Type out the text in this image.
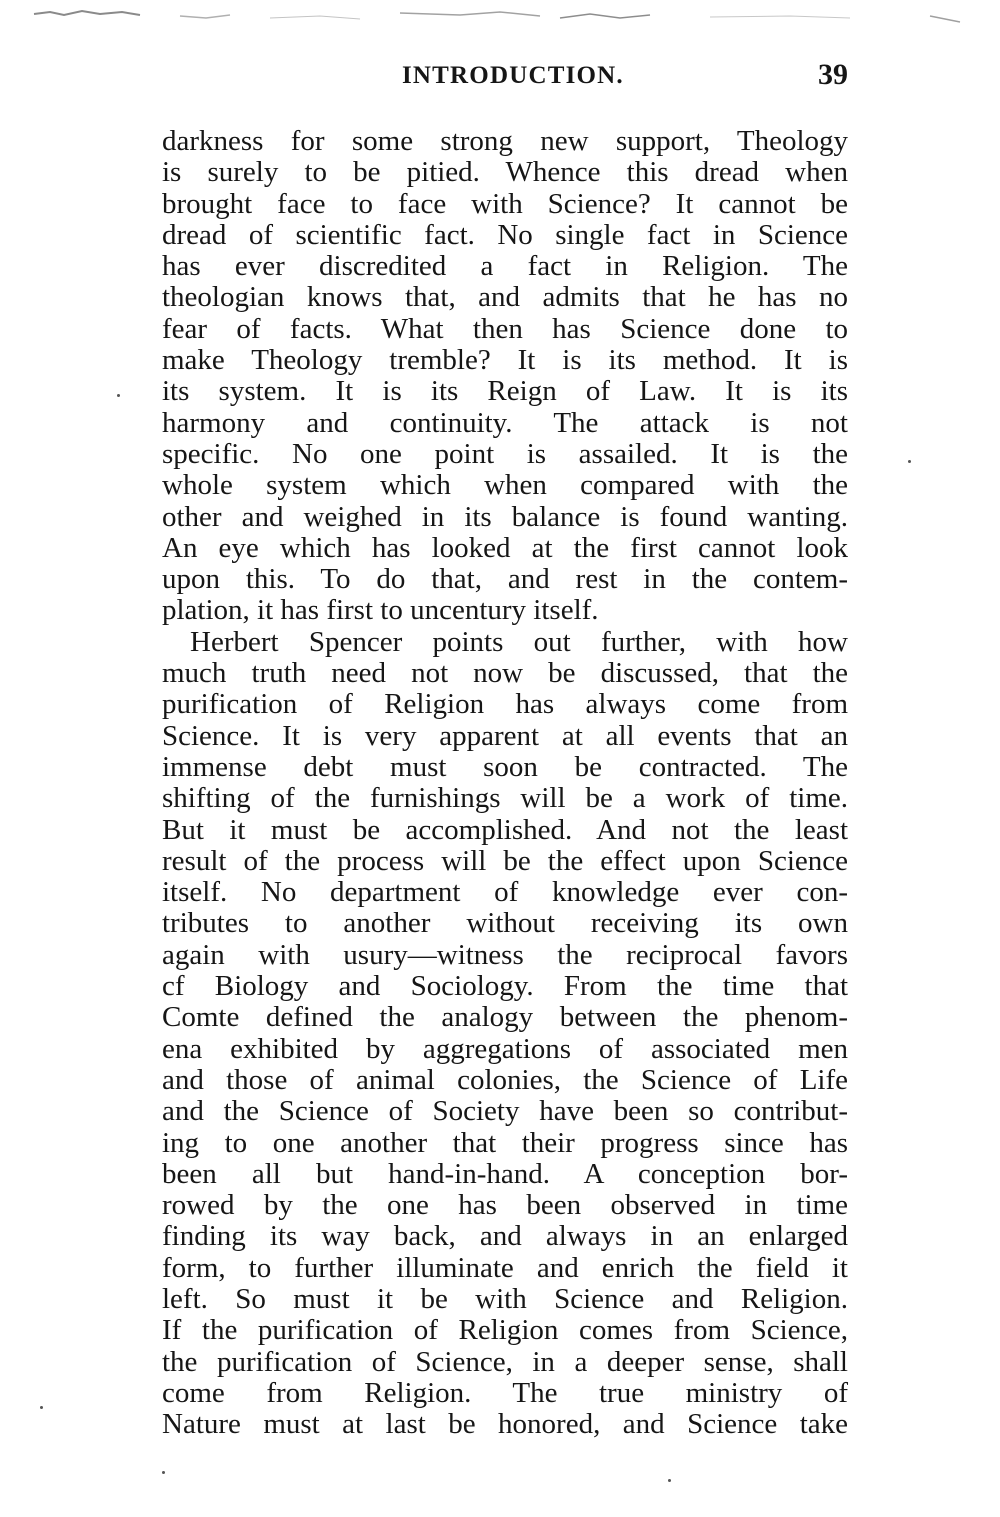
INTRODUCTION.	39
darkness for some strong new support, Theology
is surely to be pitied. Whence this dread when
brought face to face with Science? It cannot be
dread of scientific fact. No single fact in Science
has ever discredited a fact in Religion. The
theologian knows that, and admits that he has no
fear of facts. What then has Science done to
make Theology tremble? It is its method. It is
its system. It is its Reign of Law. It is its
harmony and continuity. The attack is not
specific. No one point is assailed. It is the
whole system which when compared with the
other and weighed in its balance is found wanting.
An eye which has looked at the first cannot look
upon this. To do that, and rest in the contem-
plation, it has first to uncentury itself.
Herbert Spencer points out further, with how
much truth need not now be discussed, that the
purification of Religion has always come from
Science. It is very apparent at all events that an
immense debt must soon be contracted. The
shifting of the furnishings will be a work of time.
But it must be accomplished. And not the least
result of the process will be the effect upon Science
itself. No department of knowledge ever con-
tributes to another without receiving its own
again with usury—witness the reciprocal favors
cf Biology and Sociology. From the time that
Comte defined the analogy between the phenom-
ena exhibited by aggregations of associated men
and those of animal colonies, the Science of Life
and the Science of Society have been so contribut-
ing to one another that their progress since has
been all but hand-in-hand. A conception bor-
rowed by the one has been observed in time
finding its way back, and always in an enlarged
form, to further illuminate and enrich the field it
left. So must it be with Science and Religion.
If the purification of Religion comes from Science,
the purification of Science, in a deeper sense, shall
come from Religion. The true ministry of
Nature must at last be honored, and Science take
